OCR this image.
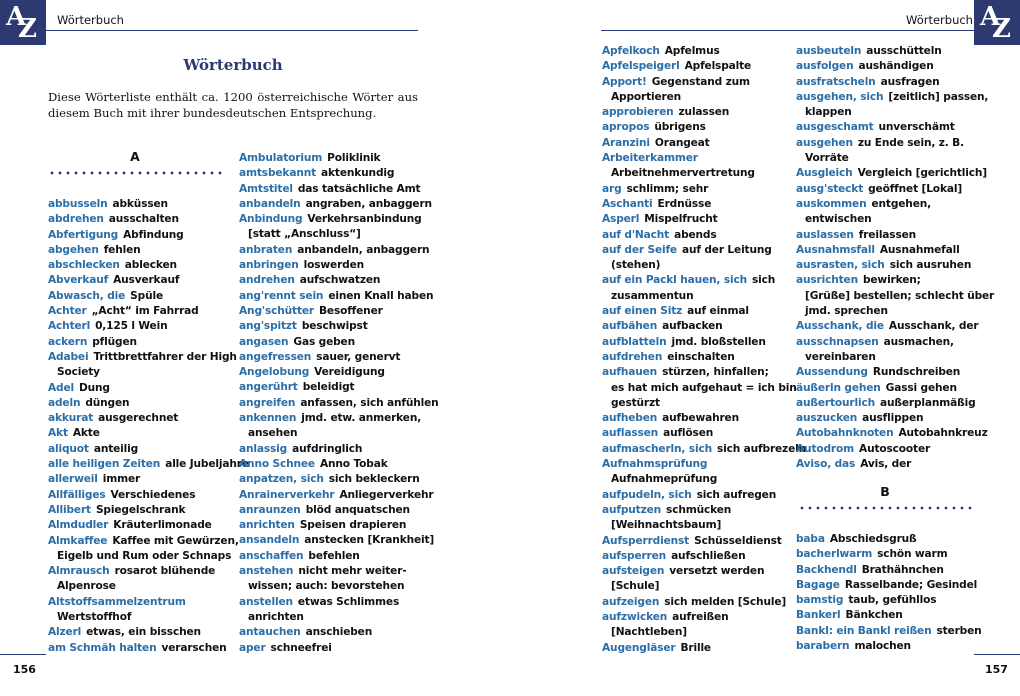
A
Z Wörterbuch
Wörterbuch
Diese Wörterliste enthält ca. 1200 österreichische Wörter aus diesem Buch mit ihrer bundesdeutschen Entsprechung.
A
abbusseln abküssen
abdrehen ausschalten
Abfertigung Abfindung
abgehen fehlen
abschlecken ablecken
Abverkauf Ausverkauf
Abwasch, die Spüle
Achter „Acht“ im Fahrrad
Achterl 0,125 l Wein
ackern pflügen
Adabei Trittbrettfahrer der High
Society
Adel Dung
adeln düngen
akkurat ausgerechnet
Akt Akte
aliquot anteilig
alle heiligen Zeiten alle Jubeljahre
allerweil immer
Allfälliges Verschiedenes
Allibert Spiegelschrank
Almdudler Kräuterlimonade
Almkaffee Kaffee mit Gewürzen,
Eigelb und Rum oder Schnaps
Almrausch rosarot blühende
Alpenrose
Altstoffsammelzentrum
Wertstoffhof
Alzerl etwas, ein bisschen
am Schmäh halten verarschen
Ambulatorium Poliklinik
amtsbekannt aktenkundig
Amtstitel das tatsächliche Amt
anbandeln angraben, anbaggern
Anbindung Verkehrsanbindung
[statt „Anschluss“]
anbraten anbandeln, anbaggern
anbringen loswerden
andrehen aufschwatzen
ang'rennt sein einen Knall haben
Ang'schütter Besoffener
ang'spitzt beschwipst
angasen Gas geben
angefressen sauer, genervt
Angelobung Vereidigung
angerührt beleidigt
angreifen anfassen, sich anfühlen
ankennen jmd. etw. anmerken,
ansehen
anlassig aufdringlich
Anno Schnee Anno Tobak
anpatzen, sich sich bekleckern
Anrainerverkehr Anliegerverkehr
anraunzen blöd anquatschen
anrichten Speisen drapieren
ansandeln anstecken [Krankheit]
anschaffen befehlen
anstehen nicht mehr weiter-
wissen; auch: bevorstehen
anstellen etwas Schlimmes
anrichten
antauchen anschieben
aper schneefrei
156
Wörterbuch A
Z
Apfelkoch Apfelmus
Apfelspeigerl Apfelspalte
Apport! Gegenstand zum
Apportieren
approbieren zulassen
apropos übrigens
Aranzini Orangeat
Arbeiterkammer
Arbeitnehmervertretung
arg schlimm; sehr
Aschanti Erdnüsse
Asperl Mispelfrucht
auf d'Nacht abends
auf der Seife auf der Leitung
(stehen)
auf ein Packl hauen, sich sich
zusammentun
auf einen Sitz auf einmal
aufbähen aufbacken
aufblatteln jmd. bloßstellen
aufdrehen einschalten
aufhauen stürzen, hinfallen;
es hat mich aufgehaut = ich bin
gestürzt
aufheben aufbewahren
auflassen auflösen
aufmascherln, sich sich aufbrezeln
Aufnahmsprüfung
Aufnahmeprüfung
aufpudeln, sich sich aufregen
aufputzen schmücken
[Weihnachtsbaum]
Aufsperrdienst Schüsseldienst
aufsperren aufschließen
aufsteigen versetzt werden
[Schule]
aufzeigen sich melden [Schule]
aufzwicken aufreißen
[Nachtleben]
Augengläser Brille
ausbeuteln ausschütteln
ausfolgen aushändigen
ausfratscheln ausfragen
ausgehen, sich [zeitlich] passen,
klappen
ausgeschamt unverschämt
ausgehen zu Ende sein, z. B.
Vorräte
Ausgleich Vergleich [gerichtlich]
ausg'steckt geöffnet [Lokal]
auskommen entgehen,
entwischen
auslassen freilassen
Ausnahmsfall Ausnahmefall
ausrasten, sich sich ausruhen
ausrichten bewirken;
[Grüße] bestellen; schlecht über
jmd. sprechen
Ausschank, die Ausschank, der
ausschnapsen ausmachen,
vereinbaren
Aussendung Rundschreiben
äußerln gehen Gassi gehen
außertourlich außerplanmäßig
auszucken ausflippen
Autobahnknoten Autobahnkreuz
Autodrom Autoscooter
Aviso, das Avis, der
B
baba Abschiedsgruß
bacherlwarm schön warm
Backhendl Brathähnchen
Bagage Rasselbande; Gesindel
bamstig taub, gefühllos
Bankerl Bänkchen
Bankl: ein Bankl reißen sterben
barabern malochen
157
